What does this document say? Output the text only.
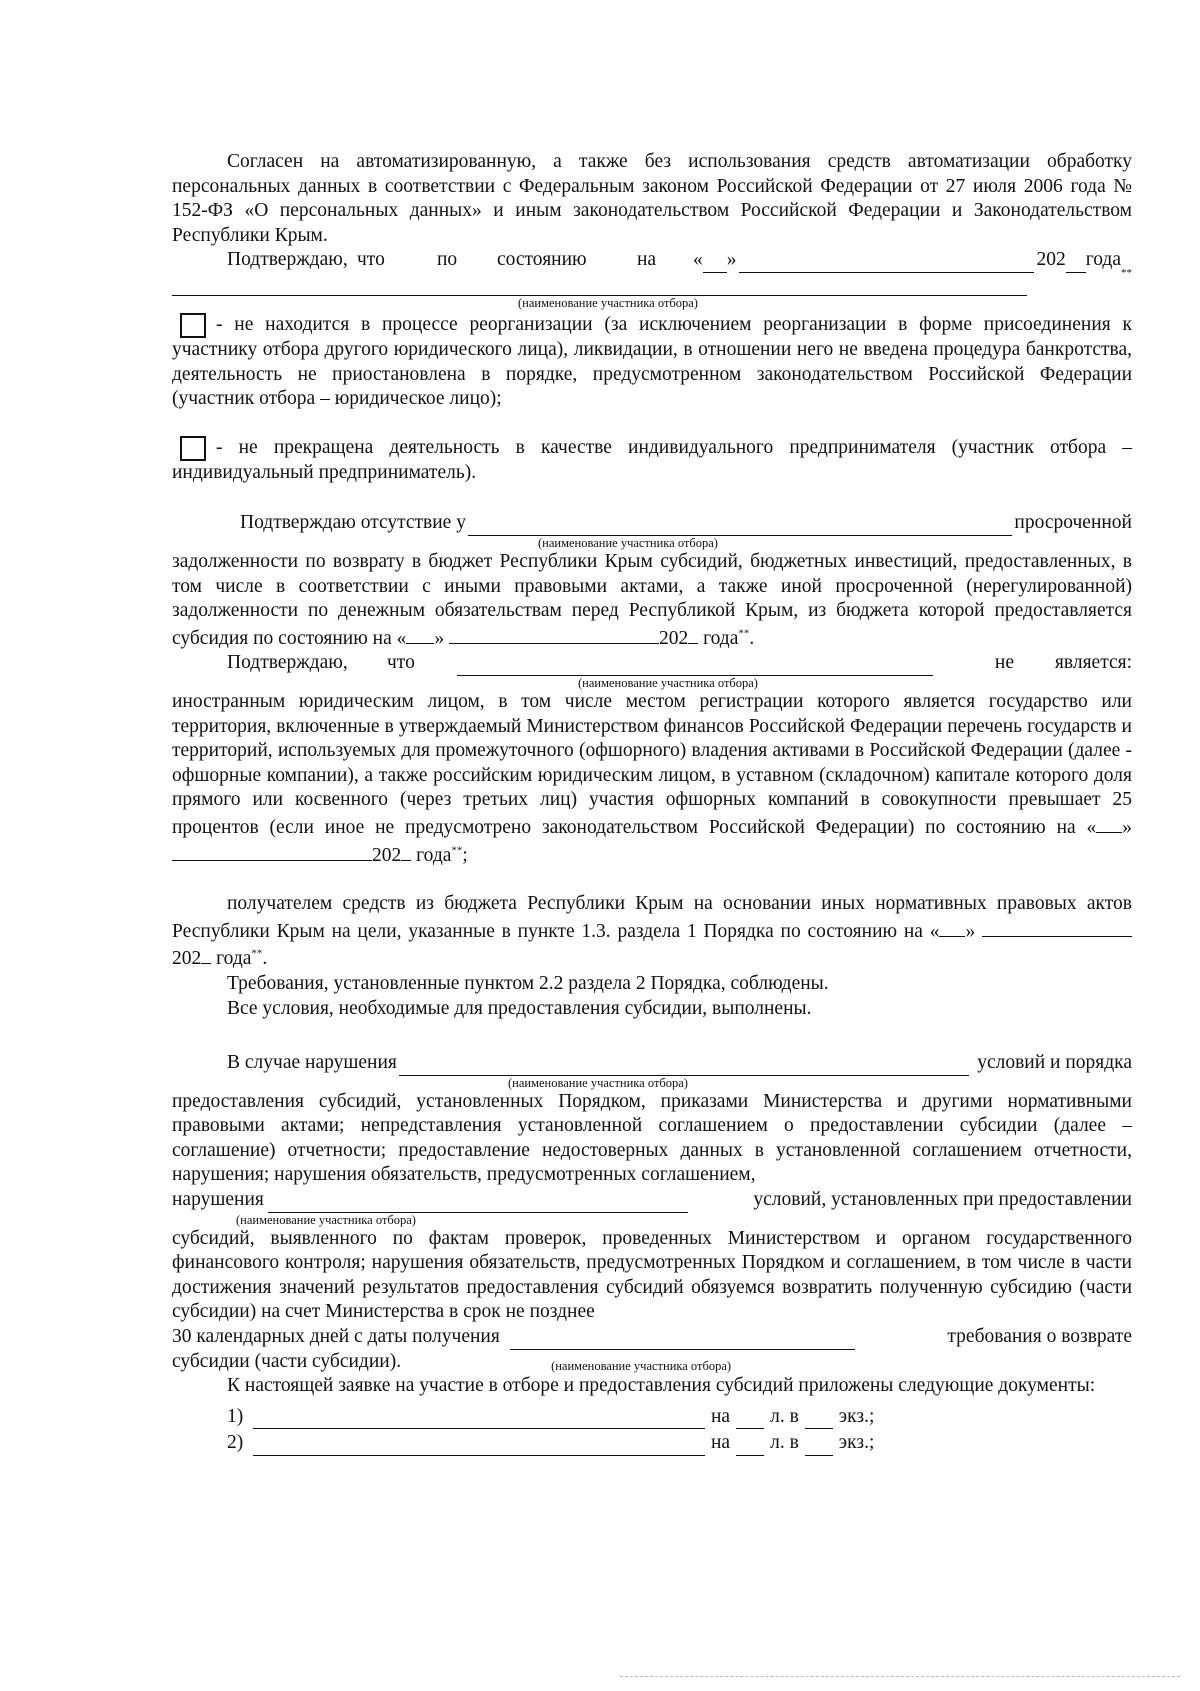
Согласен на автоматизированную, а также без использования средств автоматизации обработку персональных данных в соответствии с Федеральным законом Российской Федерации от 27 июля 2006 года № 152-ФЗ «О персональных данных» и иным законодательством Российской Федерации и Законодательством Республики Крым.

Подтверждаю, что	по	состоянию	на	« »	202 года
**
(наименование участника отбора)

- не находится в процессе реорганизации (за исключением реорганизации в форме присоединения к участнику отбора другого юридического лица), ликвидации, в отношении него не введена процедура банкротства, деятельность не приостановлена в порядке, предусмотренном законодательством Российской Федерации (участник отбора – юридическое лицо);

- не прекращена деятельность в качестве индивидуального предпринимателя (участник отбора – индивидуальный предприниматель).

Подтверждаю отсутствие у	просроченной
(наименование участника отбора)

задолженности по возврату в бюджет Республики Крым субсидий, бюджетных инвестиций, предоставленных, в том числе в соответствии с иными правовыми актами, а также иной просроченной (нерегулированной) задолженности по денежным обязательствам перед Республикой Крым, из бюджета которой предоставляется субсидия по состоянию на « »	202 года**.

Подтверждаю,	что	не	является:
(наименование участника отбора)

иностранным юридическим лицом, в том числе местом регистрации которого является государство или территория, включенные в утверждаемый Министерством финансов Российской Федерации перечень государств и территорий, используемых для промежуточного (офшорного) владения активами в Российской Федерации (далее - офшорные компании), а также российским юридическим лицом, в уставном (складочном) капитале которого доля прямого или косвенного (через третьих лиц) участия офшорных компаний в совокупности превышает 25 процентов (если иное не предусмотрено законодательством Российской Федерации) по состоянию на « » 202 года**;

получателем средств из бюджета Республики Крым на основании иных нормативных правовых актов Республики Крым на цели, указанные в пункте 1.3. раздела 1 Порядка по состоянию на « » 202 года**.

Требования, установленные пунктом 2.2 раздела 2 Порядка, соблюдены.

Все условия, необходимые для предоставления субсидии, выполнены.

В случае нарушения	условий и порядка
(наименование участника отбора)

предоставления субсидий, установленных Порядком, приказами Министерства и другими нормативными правовыми актами; непредставления установленной соглашением о предоставлении субсидии (далее – соглашение) отчетности; предоставление недостоверных данных в установленной соглашением отчетности, нарушения; нарушения обязательств, предусмотренных соглашением,

нарушения	условий, установленных при предоставлении
(наименование участника отбора)

субсидий, выявленного по фактам проверок, проведенных Министерством и органом государственного финансового контроля; нарушения обязательств, предусмотренных Порядком и соглашением, в том числе в части достижения значений результатов предоставления субсидий обязуемся возвратить полученную субсидию (части субсидии) на счет Министерства в срок не позднее

30 календарных дней с даты получения	требования о возврате
субсидии (части субсидии).	(наименование участника отбора)

К настоящей заявке на участие в отборе и предоставления субсидий приложены следующие документы:

1)	на л. в экз.;
2)	на л. в экз.;
